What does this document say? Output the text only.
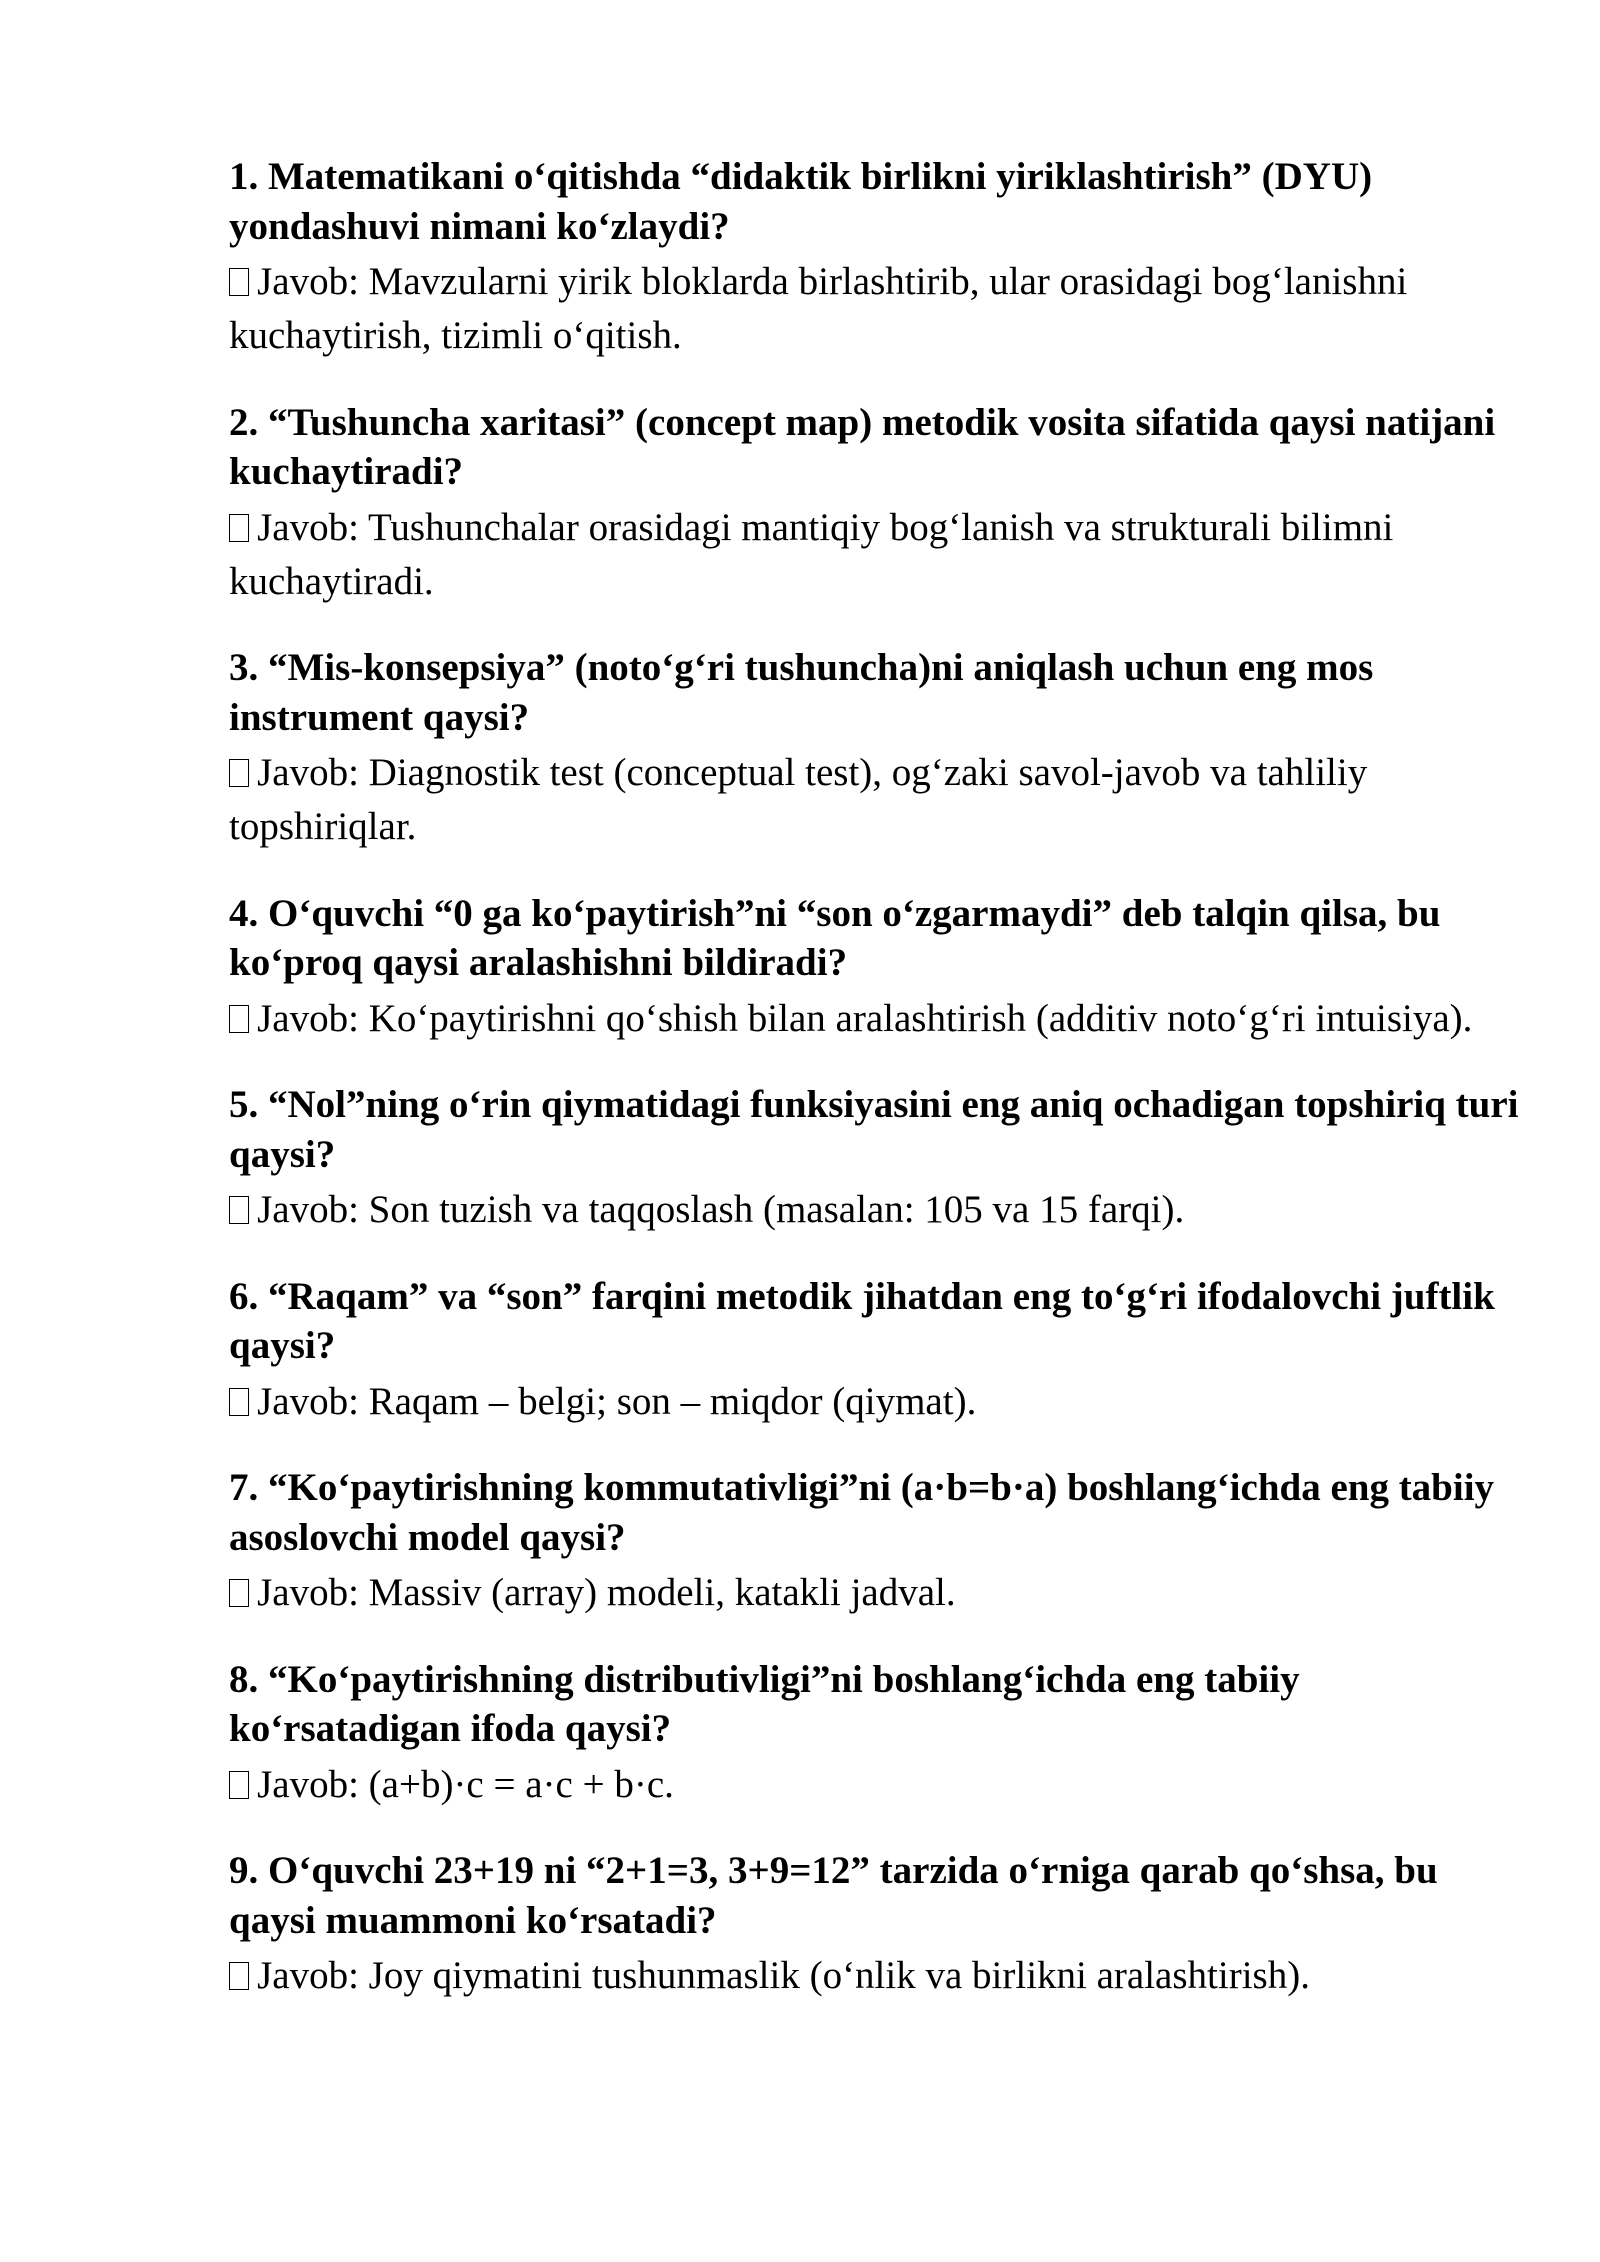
1. Matematikani o‘qitishda “didaktik birlikni yiriklashtirish” (DYU) yondashuvi nimani ko‘zlaydi?

Javob: Mavzularni yirik bloklarda birlashtirib, ular orasidagi bog‘lanishni kuchaytirish, tizimli o‘qitish.

2. “Tushuncha xaritasi” (concept map) metodik vosita sifatida qaysi natijani kuchaytiradi?

Javob: Tushunchalar orasidagi mantiqiy bog‘lanish va strukturali bilimni kuchaytiradi.

3. “Mis-konsepsiya” (noto‘g‘ri tushuncha)ni aniqlash uchun eng mos instrument qaysi?

Javob: Diagnostik test (conceptual test), og‘zaki savol-javob va tahliliy topshiriqlar.

4. O‘quvchi “0 ga ko‘paytirish”ni “son o‘zgarmaydi” deb talqin qilsa, bu ko‘proq qaysi aralashishni bildiradi?

Javob: Ko‘paytirishni qo‘shish bilan aralashtirish (additiv noto‘g‘ri intuisiya).

5. “Nol”ning o‘rin qiymatidagi funksiyasini eng aniq ochadigan topshiriq turi qaysi?

Javob: Son tuzish va taqqoslash (masalan: 105 va 15 farqi).

6. “Raqam” va “son” farqini metodik jihatdan eng to‘g‘ri ifodalovchi juftlik qaysi?

Javob: Raqam – belgi; son – miqdor (qiymat).

7. “Ko‘paytirishning kommutativligi”ni (a·b=b·a) boshlang‘ichda eng tabiiy asoslovchi model qaysi?

Javob: Massiv (array) modeli, katakli jadval.

8. “Ko‘paytirishning distributivligi”ni boshlang‘ichda eng tabiiy ko‘rsatadigan ifoda qaysi?

Javob: (a+b)·c = a·c + b·c.

9. O‘quvchi 23+19 ni “2+1=3, 3+9=12” tarzida o‘rniga qarab qo‘shsa, bu qaysi muammoni ko‘rsatadi?

Javob: Joy qiymatini tushunmaslik (o‘nlik va birlikni aralashtirish).
